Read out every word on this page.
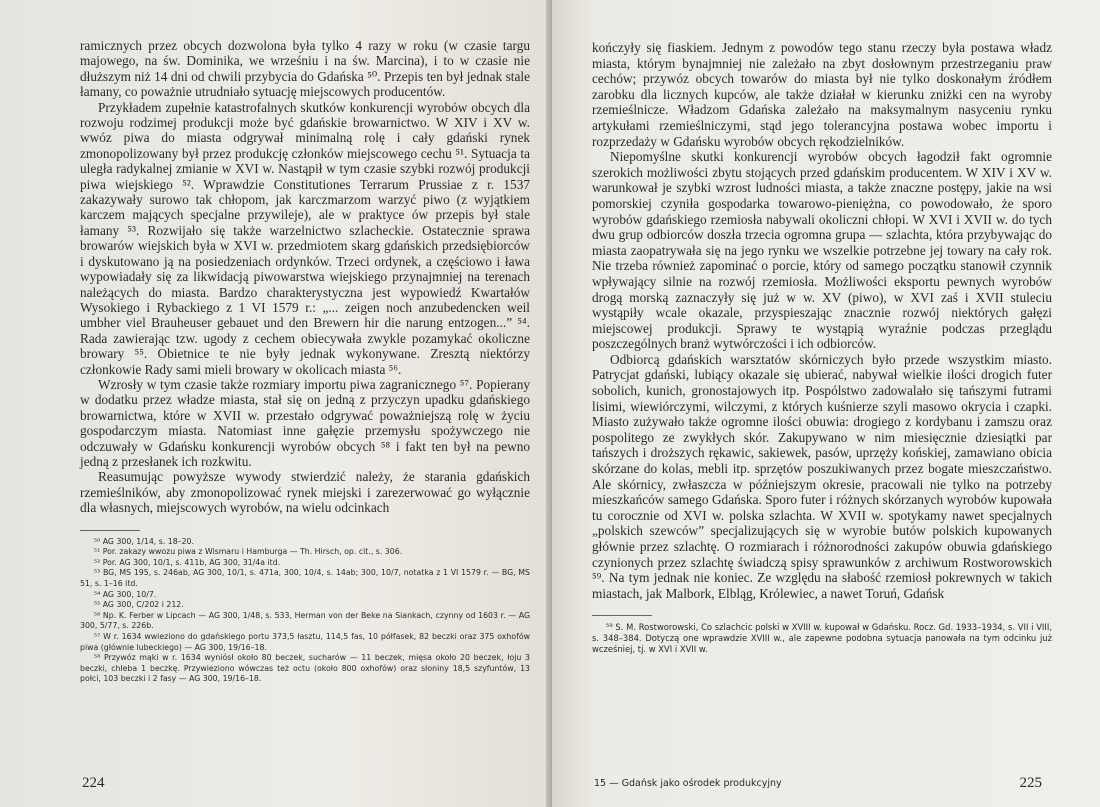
ramicznych przez obcych dozwolona była tylko 4 razy w roku (w czasie targu majowego, na św. Dominika, we wrześniu i na św. Marcina), i to w czasie nie dłuższym niż 14 dni od chwili przybycia do Gdańska ⁵⁰. Przepis ten był jednak stale łamany, co poważnie utrudniało sytuację miejscowych producentów.

Przykładem zupełnie katastrofalnych skutków konkurencji wyrobów obcych dla rozwoju rodzimej produkcji może być gdańskie browarnictwo. W XIV i XV w. wwóz piwa do miasta odgrywał minimalną rolę i cały gdański rynek zmonopolizowany był przez produkcję członków miejscowego cechu ⁵¹. Sytuacja ta uległa radykalnej zmianie w XVI w. Nastąpił w tym czasie szybki rozwój produkcji piwa wiejskiego ⁵². Wprawdzie Constitutiones Terrarum Prussiae z r. 1537 zakazywały surowo tak chłopom, jak karczmarzom warzyć piwo (z wyjątkiem karczem mających specjalne przywileje), ale w praktyce ów przepis był stale łamany ⁵³. Rozwijało się także warzelnictwo szlacheckie. Ostatecznie sprawa browarów wiejskich była w XVI w. przedmiotem skarg gdańskich przedsiębiorców i dyskutowano ją na posiedzeniach ordynków. Trzeci ordynek, a częściowo i ława wypowiadały się za likwidacją piwowarstwa wiejskiego przynajmniej na terenach należących do miasta. Bardzo charakterystyczna jest wypowiedź Kwartałów Wysokiego i Rybackiego z 1 VI 1579 r.: „... zeigen noch anzubedencken weil umbher viel Brauheuser gebauet und den Brewern hir die narung entzogen...” ⁵⁴. Rada zawierając tzw. ugody z cechem obiecywała zwykle pozamykać okoliczne browary ⁵⁵. Obietnice te nie były jednak wykonywane. Zresztą niektórzy członkowie Rady sami mieli browary w okolicach miasta ⁵⁶.

Wzrosły w tym czasie także rozmiary importu piwa zagranicznego ⁵⁷. Popierany w dodatku przez władze miasta, stał się on jedną z przyczyn upadku gdańskiego browarnictwa, które w XVII w. przestało odgrywać poważniejszą rolę w życiu gospodarczym miasta. Natomiast inne gałęzie przemysłu spożywczego nie odczuwały w Gdańsku konkurencji wyrobów obcych ⁵⁸ i fakt ten był na pewno jedną z przesłanek ich rozkwitu.

Reasumując powyższe wywody stwierdzić należy, że starania gdańskich rzemieślników, aby zmonopolizować rynek miejski i zarezerwować go wyłącznie dla własnych, miejscowych wyrobów, na wielu odcinkach

⁵⁰ AG 300, 1/14, s. 18–20.
⁵¹ Por. zakazy wwozu piwa z Wismaru i Hamburga — Th. Hirsch, op. cit., s. 306.
⁵² Por. AG 300, 10/1, s. 411b, AG 300, 31/4a itd.
⁵³ BG, MS 195, s. 246ab, AG 300, 10/1, s. 471a, 300, 10/4, s. 14ab; 300, 10/7, notatka z 1 VI 1579 r. — BG, MS 51, s. 1–16 itd.
⁵⁴ AG 300, 10/7.
⁵⁵ AG 300, C/202 i 212.
⁵⁶ Np. K. Ferber w Lipcach — AG 300, 1/48, s. 533, Herman von der Beke na Siankach, czynny od 1603 r. — AG 300, 5/77, s. 226b.
⁵⁷ W r. 1634 wwieziono do gdańskiego portu 373,5 łasztu, 114,5 fas, 10 półfasek, 82 beczki oraz 375 oxhofów piwa (głównie lubeckiego) — AG 300, 19/16–18.
⁵⁸ Przywóz mąki w r. 1634 wyniósł około 80 beczek, sucharów — 11 beczek, mięsa około 20 beczek, łoju 3 beczki, chleba 1 beczkę. Przywieziono wówczas też octu (około 800 oxhofów) oraz słoniny 18,5 szyfuntów, 13 połci, 103 beczki i 2 fasy — AG 300, 19/16–18.
224

kończyły się fiaskiem. Jednym z powodów tego stanu rzeczy była postawa władz miasta, którym bynajmniej nie zależało na zbyt dosłownym przestrzeganiu praw cechów; przywóz obcych towarów do miasta był nie tylko doskonałym źródłem zarobku dla licznych kupców, ale także działał w kierunku zniżki cen na wyroby rzemieślnicze. Władzom Gdańska zależało na maksymalnym nasyceniu rynku artykułami rzemieślniczymi, stąd jego tolerancyjna postawa wobec importu i rozprzedaży w Gdańsku wyrobów obcych rękodzielników.

Niepomyślne skutki konkurencji wyrobów obcych łagodził fakt ogromnie szerokich możliwości zbytu stojących przed gdańskim producentem. W XIV i XV w. warunkował je szybki wzrost ludności miasta, a także znaczne postępy, jakie na wsi pomorskiej czyniła gospodarka towarowo-pieniężna, co powodowało, że sporo wyrobów gdańskiego rzemiosła nabywali okoliczni chłopi. W XVI i XVII w. do tych dwu grup odbiorców doszła trzecia ogromna grupa — szlachta, która przybywając do miasta zaopatrywała się na jego rynku we wszelkie potrzebne jej towary na cały rok. Nie trzeba również zapominać o porcie, który od samego początku stanowił czynnik wpływający silnie na rozwój rzemiosła. Możliwości eksportu pewnych wyrobów drogą morską zaznaczyły się już w w. XV (piwo), w XVI zaś i XVII stuleciu wystąpiły wcale okazale, przyspieszając znacznie rozwój niektórych gałęzi miejscowej produkcji. Sprawy te wystąpią wyraźnie podczas przeglądu poszczególnych branż wytwórczości i ich odbiorców.

Odbiorcą gdańskich warsztatów skórniczych było przede wszystkim miasto. Patrycjat gdański, lubiący okazale się ubierać, nabywał wielkie ilości drogich futer sobolich, kunich, gronostajowych itp. Pospólstwo zadowalało się tańszymi futrami lisimi, wiewiórczymi, wilczymi, z których kuśnierze szyli masowo okrycia i czapki. Miasto zużywało także ogromne ilości obuwia: drogiego z kordybanu i zamszu oraz pospolitego ze zwykłych skór. Zakupywano w nim miesięcznie dziesiątki par tańszych i droższych rękawic, sakiewek, pasów, uprzęży końskiej, zamawiano obicia skórzane do kolas, mebli itp. sprzętów poszukiwanych przez bogate mieszczaństwo. Ale skórnicy, zwłaszcza w późniejszym okresie, pracowali nie tylko na potrzeby mieszkańców samego Gdańska. Sporo futer i różnych skórzanych wyrobów kupowała tu corocznie od XVI w. polska szlachta. W XVII w. spotykamy nawet specjalnych „polskich szewców” specjalizujących się w wyrobie butów polskich kupowanych głównie przez szlachtę. O rozmiarach i różnorodności zakupów obuwia gdańskiego czynionych przez szlachtę świadczą spisy sprawunków z archiwum Rostworowskich ⁵⁹. Na tym jednak nie koniec. Ze względu na słabość rzemiosł pokrewnych w takich miastach, jak Malbork, Elbląg, Królewiec, a nawet Toruń, Gdańsk

⁵⁹ S. M. Rostworowski, Co szlachcic polski w XVIII w. kupował w Gdańsku. Rocz. Gd. 1933–1934, s. VII i VIII, s. 348–384. Dotyczą one wprawdzie XVIII w., ale zapewne podobna sytuacja panowała na tym odcinku już wcześniej, tj. w XVI i XVII w.
15 — Gdańsk jako ośrodek produkcyjny	225
